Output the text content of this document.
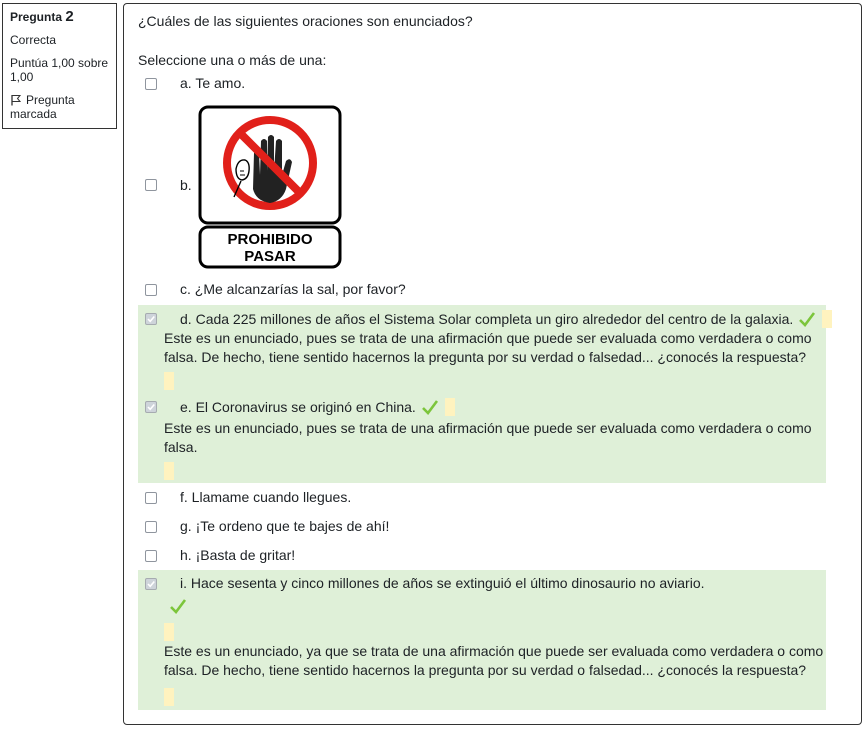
Pregunta 2
Correcta
Puntúa 1,00 sobre 1,00
Pregunta marcada
¿Cuáles de las siguientes oraciones son enunciados?
Seleccione una o más de una:
a. Te amo.
b.
PROHIBIDO
PASAR
c. ¿Me alcanzarías la sal, por favor?
d. Cada 225 millones de años el Sistema Solar completa un giro alrededor del centro de la galaxia.
Este es un enunciado, pues se trata de una afirmación que puede ser evaluada como verdadera o como falsa. De hecho, tiene sentido hacernos la pregunta por su verdad o falsedad... ¿conocés la respuesta?
e. El Coronavirus se originó en China.
Este es un enunciado, pues se trata de una afirmación que puede ser evaluada como verdadera o como falsa.
f. Llamame cuando llegues.
g. ¡Te ordeno que te bajes de ahí!
h. ¡Basta de gritar!
i. Hace sesenta y cinco millones de años se extinguió el último dinosaurio no aviario.
Este es un enunciado, ya que se trata de una afirmación que puede ser evaluada como verdadera o como falsa. De hecho, tiene sentido hacernos la pregunta por su verdad o falsedad... ¿conocés la respuesta?
